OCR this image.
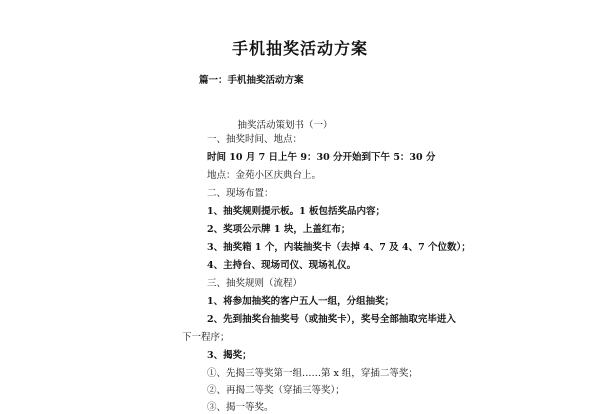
手机抽奖活动方案
篇一：手机抽奖活动方案
抽奖活动策划书（一）
一、抽奖时间、地点：
时间 10 月 7 日上午 9：30 分开始到下午 5：30 分
地点：金苑小区庆典台上。
二、现场布置：
1、抽奖规则提示板。1 板包括奖品内容；
2、奖项公示牌 1 块，上盖红布；
3、抽奖箱 1 个，内装抽奖卡（去掉 4、7 及 4、7 个位数）；
4、主持台、现场司仪、现场礼仪。
三、抽奖规则（流程）
1、将参加抽奖的客户五人一组，分组抽奖；
2、先到抽奖台抽奖号（或抽奖卡），奖号全部抽取完毕进入
下一程序；
3、揭奖；
①、先揭三等奖第一组……第 x 组，穿插二等奖；
②、再揭二等奖（穿插三等奖）；
③、揭一等奖。
